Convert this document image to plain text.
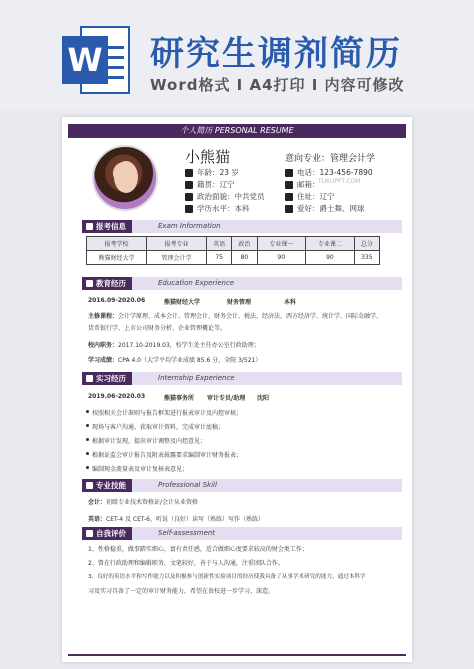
W 研究生调剂简历
Word格式 I A4打印 I 内容可修改
个人简历 PERSONAL RESUME
小熊猫
年龄：23 岁
籍贯：辽宁
政治面貌：中共党员
学历水平：本科
意向专业：管理会计学
电话：123-456-7890
邮箱：
TUKUPPT.COM
住址：辽宁
爱好：爵士舞、网球
报考信息	Exam Information
报考学校	报考专业	英语	政治	专业课一	专业课二	总分
熊猫财经大学	管理会计学	75	80	90	90	335
教育经历	Education Experience
2016.09-2020.06	熊猫财经大学	财务管理	本科
主修课程：会计学原理、成本会计、管理会计、财务会计、税法、经济法、西方经济学、统计学、国际金融学、
货币银行学、上市公司财务分析、企业管理概论等。
校内职务：2017.10-2019.03，校学生处主任办公室行政助理；
学习成绩：CPA 4.0（大学平均学业成绩 85.6 分，全院 3/521）
实习经历	Internship Experience
2019.06-2020.03	熊猫事务所 审计专员/助理 沈阳
按照相关会计准则与报告框架进行报表审计及内控审核；
现场与客户沟通、获取审计资料，完成审计底稿；
根据审计发现，提出审计调整及内控意见；
根据证监会审计报告及附表披露要求编制审计财务报表；
编制现金流量表及审计复核表意见；
专业技能	Professional Skill
会计：初级专业技术资格证/会计从业资格
英语：CET-4 及 CET-6，听说（良好）读写（熟练）写作（熟练）
自我评价	Self-assessment
1、性格稳重，做事踏实细心，富有责任感，适合做细心度要求较高的财会类工作；
2、曾在行政助理和编辑职务，文笔较好，善于与人沟通，注重团队合作。
3、良好的英语水平和写作能力以及积极参与创新性实验项目的经历使我具备了从事学术研究的能力，通过本科学
习及实习具备了一定的审计财务能力，希望在贵校进一步学习、深造。
